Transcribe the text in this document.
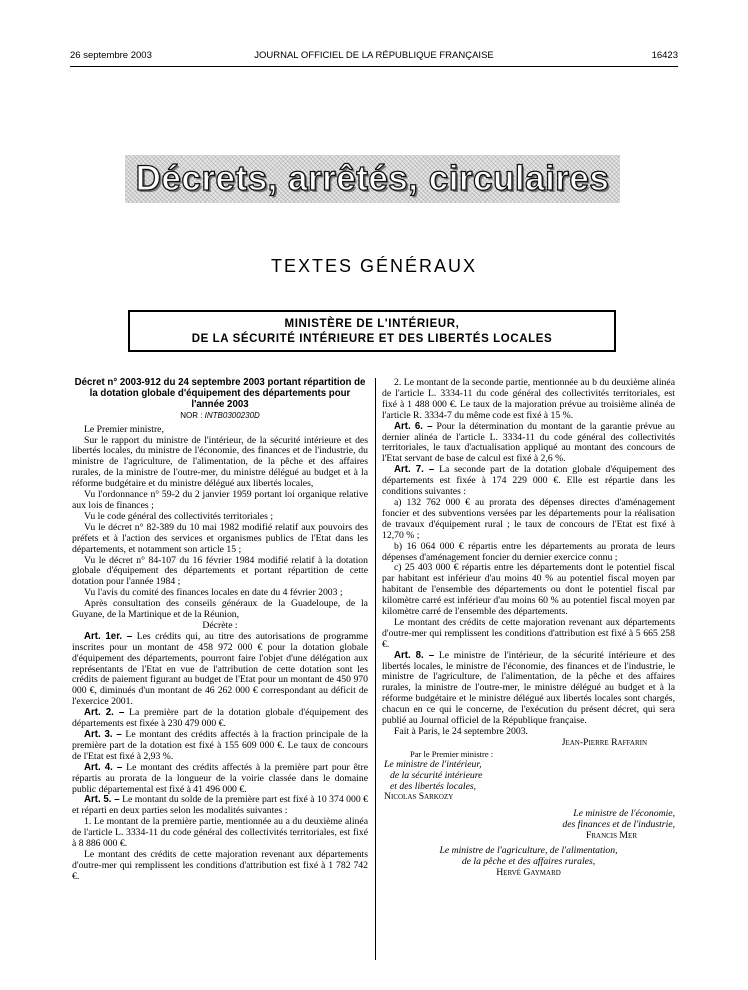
26 septembre 2003	JOURNAL OFFICIEL DE LA RÉPUBLIQUE FRANÇAISE	16423
Décrets, arrêtés, circulaires
TEXTES GÉNÉRAUX
MINISTÈRE DE L'INTÉRIEUR,
DE LA SÉCURITÉ INTÉRIEURE ET DES LIBERTÉS LOCALES

Décret n° 2003-912 du 24 septembre 2003 portant répartition de la dotation globale d'équipement des départements pour l'année 2003

NOR : INTB0300230D

Le Premier ministre,

Sur le rapport du ministre de l'intérieur, de la sécurité intérieure et des libertés locales, du ministre de l'économie, des finances et de l'industrie, du ministre de l'agriculture, de l'alimentation, de la pêche et des affaires rurales, de la ministre de l'outre-mer, du ministre délégué au budget et à la réforme budgétaire et du ministre délégué aux libertés locales,

Vu l'ordonnance n° 59-2 du 2 janvier 1959 portant loi organique relative aux lois de finances ;

Vu le code général des collectivités territoriales ;

Vu le décret n° 82-389 du 10 mai 1982 modifié relatif aux pouvoirs des préfets et à l'action des services et organismes publics de l'Etat dans les départements, et notamment son article 15 ;

Vu le décret n° 84-107 du 16 février 1984 modifié relatif à la dotation globale d'équipement des départements et portant répartition de cette dotation pour l'année 1984 ;

Vu l'avis du comité des finances locales en date du 4 février 2003 ;

Après consultation des conseils généraux de la Guadeloupe, de la Guyane, de la Martinique et de la Réunion,

Décrète :

Art. 1er. – Les crédits qui, au titre des autorisations de programme inscrites pour un montant de 458 972 000 € pour la dotation globale d'équipement des départements, pourront faire l'objet d'une délégation aux représentants de l'Etat en vue de l'attribution de cette dotation sont les crédits de paiement figurant au budget de l'Etat pour un montant de 450 970 000 €, diminués d'un montant de 46 262 000 € correspondant au déficit de l'exercice 2001.

Art. 2. – La première part de la dotation globale d'équipement des départements est fixée à 230 479 000 €.

Art. 3. – Le montant des crédits affectés à la fraction principale de la première part de la dotation est fixé à 155 609 000 €. Le taux de concours de l'Etat est fixé à 2,93 %.

Art. 4. – Le montant des crédits affectés à la première part pour être répartis au prorata de la longueur de la voirie classée dans le domaine public départemental est fixé à 41 496 000 €.

Art. 5. – Le montant du solde de la première part est fixé à 10 374 000 € et réparti en deux parties selon les modalités suivantes :

1. Le montant de la première partie, mentionnée au a du deuxième alinéa de l'article L. 3334-11 du code général des collectivités territoriales, est fixé à 8 886 000 €.

Le montant des crédits de cette majoration revenant aux départements d'outre-mer qui remplissent les conditions d'attribution est fixé à 1 782 742 €.

2. Le montant de la seconde partie, mentionnée au b du deuxième alinéa de l'article L. 3334-11 du code général des collectivités territoriales, est fixé à 1 488 000 €. Le taux de la majoration prévue au troisième alinéa de l'article R. 3334-7 du même code est fixé à 15 %.

Art. 6. – Pour la détermination du montant de la garantie prévue au dernier alinéa de l'article L. 3334-11 du code général des collectivités territoriales, le taux d'actualisation appliqué au montant des concours de l'Etat servant de base de calcul est fixé à 2,6 %.

Art. 7. – La seconde part de la dotation globale d'équipement des départements est fixée à 174 229 000 €. Elle est répartie dans les conditions suivantes :

a) 132 762 000 € au prorata des dépenses directes d'aménagement foncier et des subventions versées par les départements pour la réalisation de travaux d'équipement rural ; le taux de concours de l'Etat est fixé à 12,70 % ;

b) 16 064 000 € répartis entre les départements au prorata de leurs dépenses d'aménagement foncier du dernier exercice connu ;

c) 25 403 000 € répartis entre les départements dont le potentiel fiscal par habitant est inférieur d'au moins 40 % au potentiel fiscal moyen par habitant de l'ensemble des départements ou dont le potentiel fiscal par kilomètre carré est inférieur d'au moins 60 % au potentiel fiscal moyen par kilomètre carré de l'ensemble des départements.

Le montant des crédits de cette majoration revenant aux départements d'outre-mer qui remplissent les conditions d'attribution est fixé à 5 665 258 €.

Art. 8. – Le ministre de l'intérieur, de la sécurité intérieure et des libertés locales, le ministre de l'économie, des finances et de l'industrie, le ministre de l'agriculture, de l'alimentation, de la pêche et des affaires rurales, la ministre de l'outre-mer, le ministre délégué au budget et à la réforme budgétaire et le ministre délégué aux libertés locales sont chargés, chacun en ce qui le concerne, de l'exécution du présent décret, qui sera publié au Journal officiel de la République française.

Fait à Paris, le 24 septembre 2003.

Jean-Pierre Raffarin

Par le Premier ministre :

Le ministre de l'intérieur,

de la sécurité intérieure

et des libertés locales,

Nicolas Sarkozy

Le ministre de l'économie,

des finances et de l'industrie,

Francis Mer

Le ministre de l'agriculture, de l'alimentation,

de la pêche et des affaires rurales,

Hervé Gaymard
